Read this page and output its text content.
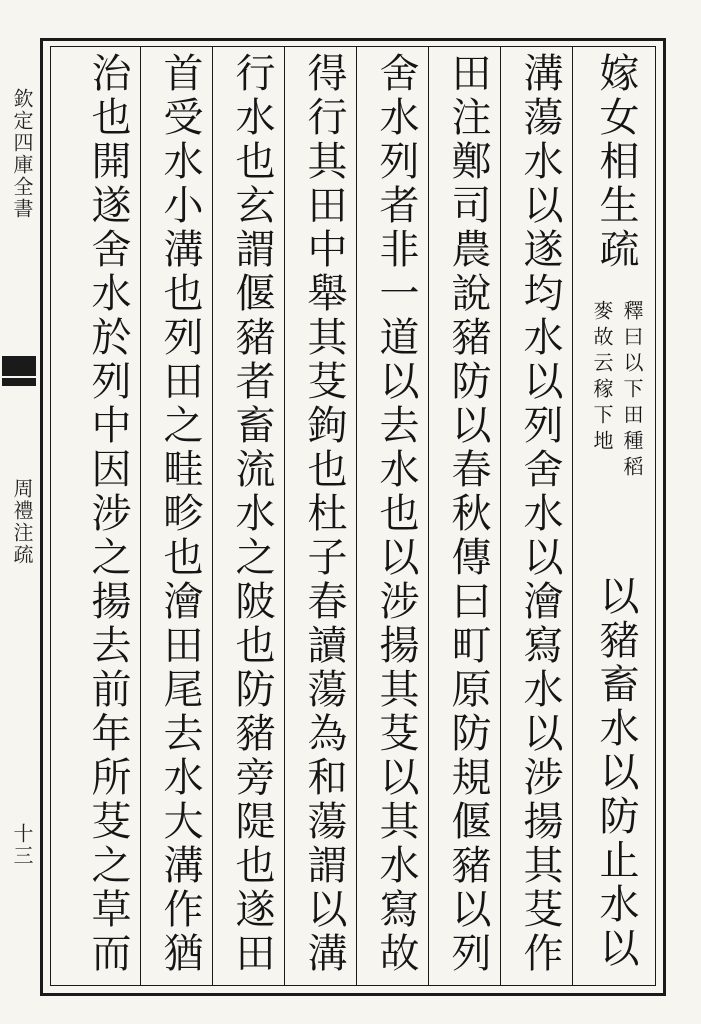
欽定四庫全書
周禮注疏
十三
嫁女相生疏
釋曰以下田種稻
麥故云稼下地
以豬畜水以防止水以
溝蕩水以遂均水以列舍水以澮寫水以涉揚其芟作
田注鄭司農說豬防以春秋傳曰町原防規偃豬以列
舍水列者非一道以去水也以涉揚其芟以其水寫故
得行其田中舉其芟鉤也杜子春讀蕩為和蕩謂以溝
行水也玄謂偃豬者畜流水之陂也防豬旁隄也遂田
首受水小溝也列田之畦畛也澮田尾去水大溝作猶
治也開遂舍水於列中因涉之揚去前年所芟之草而
